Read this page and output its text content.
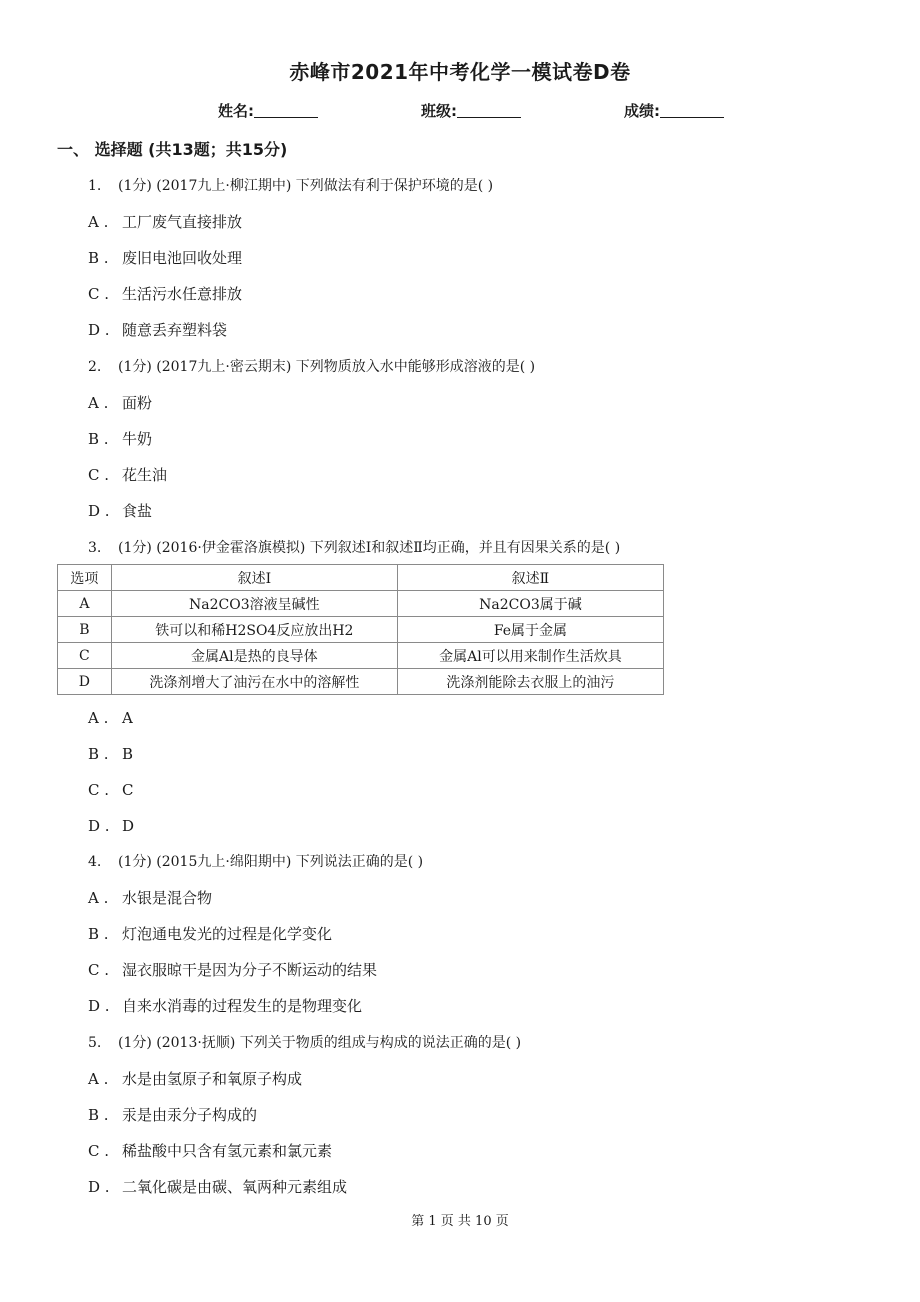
赤峰市2021年中考化学一模试卷D卷
姓名:	班级:	成绩:
一、 选择题 (共13题；共15分)
1. (1分) (2017九上·柳江期中) 下列做法有利于保护环境的是( )
A . 工厂废气直接排放
B . 废旧电池回收处理
C . 生活污水任意排放
D . 随意丢弃塑料袋
2. (1分) (2017九上·密云期末) 下列物质放入水中能够形成溶液的是( )
A . 面粉
B . 牛奶
C . 花生油
D . 食盐
3. (1分) (2016·伊金霍洛旗模拟) 下列叙述Ⅰ和叙述Ⅱ均正确，并且有因果关系的是( )
选项	叙述Ⅰ	叙述Ⅱ
A	Na2CO3溶液呈碱性	Na2CO3属于碱
B	铁可以和稀H2SO4反应放出H2	Fe属于金属
C	金属Al是热的良导体	金属Al可以用来制作生活炊具
D	洗涤剂增大了油污在水中的溶解性	洗涤剂能除去衣服上的油污
A . A
B . B
C . C
D . D
4. (1分) (2015九上·绵阳期中) 下列说法正确的是( )
A . 水银是混合物
B . 灯泡通电发光的过程是化学变化
C . 湿衣服晾干是因为分子不断运动的结果
D . 自来水消毒的过程发生的是物理变化
5. (1分) (2013·抚顺) 下列关于物质的组成与构成的说法正确的是( )
A . 水是由氢原子和氧原子构成
B . 汞是由汞分子构成的
C . 稀盐酸中只含有氢元素和氯元素
D . 二氧化碳是由碳、氧两种元素组成
第 1 页 共 10 页
